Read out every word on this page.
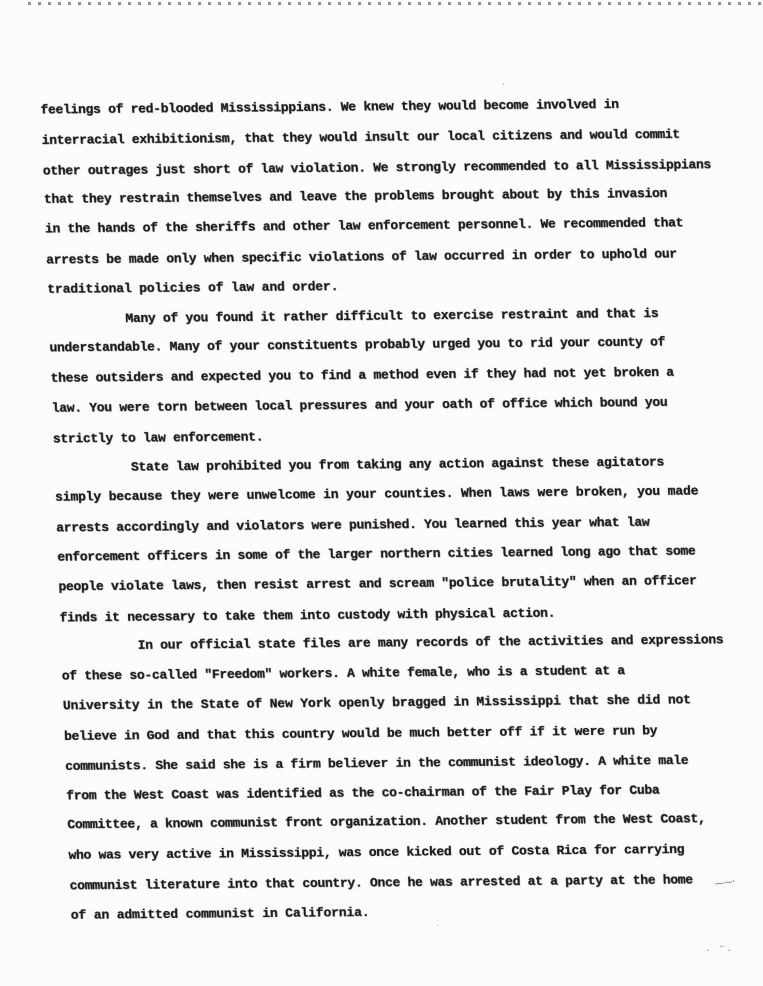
feelings of red-blooded Mississippians. We knew they would become involved in
interracial exhibitionism, that they would insult our local citizens and would commit
other outrages just short of law violation. We strongly recommended to all Mississippians
that they restrain themselves and leave the problems brought about by this invasion
in the hands of the sheriffs and other law enforcement personnel. We recommended that
arrests be made only when specific violations of law occurred in order to uphold our
traditional policies of law and order.
Many of you found it rather difficult to exercise restraint and that is
understandable. Many of your constituents probably urged you to rid your county of
these outsiders and expected you to find a method even if they had not yet broken a
law. You were torn between local pressures and your oath of office which bound you
strictly to law enforcement.
State law prohibited you from taking any action against these agitators
simply because they were unwelcome in your counties. When laws were broken, you made
arrests accordingly and violators were punished. You learned this year what law
enforcement officers in some of the larger northern cities learned long ago that some
people violate laws, then resist arrest and scream "police brutality" when an officer
finds it necessary to take them into custody with physical action.
In our official state files are many records of the activities and expressions
of these so-called "Freedom" workers. A white female, who is a student at a
University in the State of New York openly bragged in Mississippi that she did not
believe in God and that this country would be much better off if it were run by
communists. She said she is a firm believer in the communist ideology. A white male
from the West Coast was identified as the co-chairman of the Fair Play for Cuba
Committee, a known communist front organization. Another student from the West Coast,
who was very active in Mississippi, was once kicked out of Costa Rica for carrying
communist literature into that country. Once he was arrested at a party at the home
of an admitted communist in California.
~~·
· ˜·
·
·
